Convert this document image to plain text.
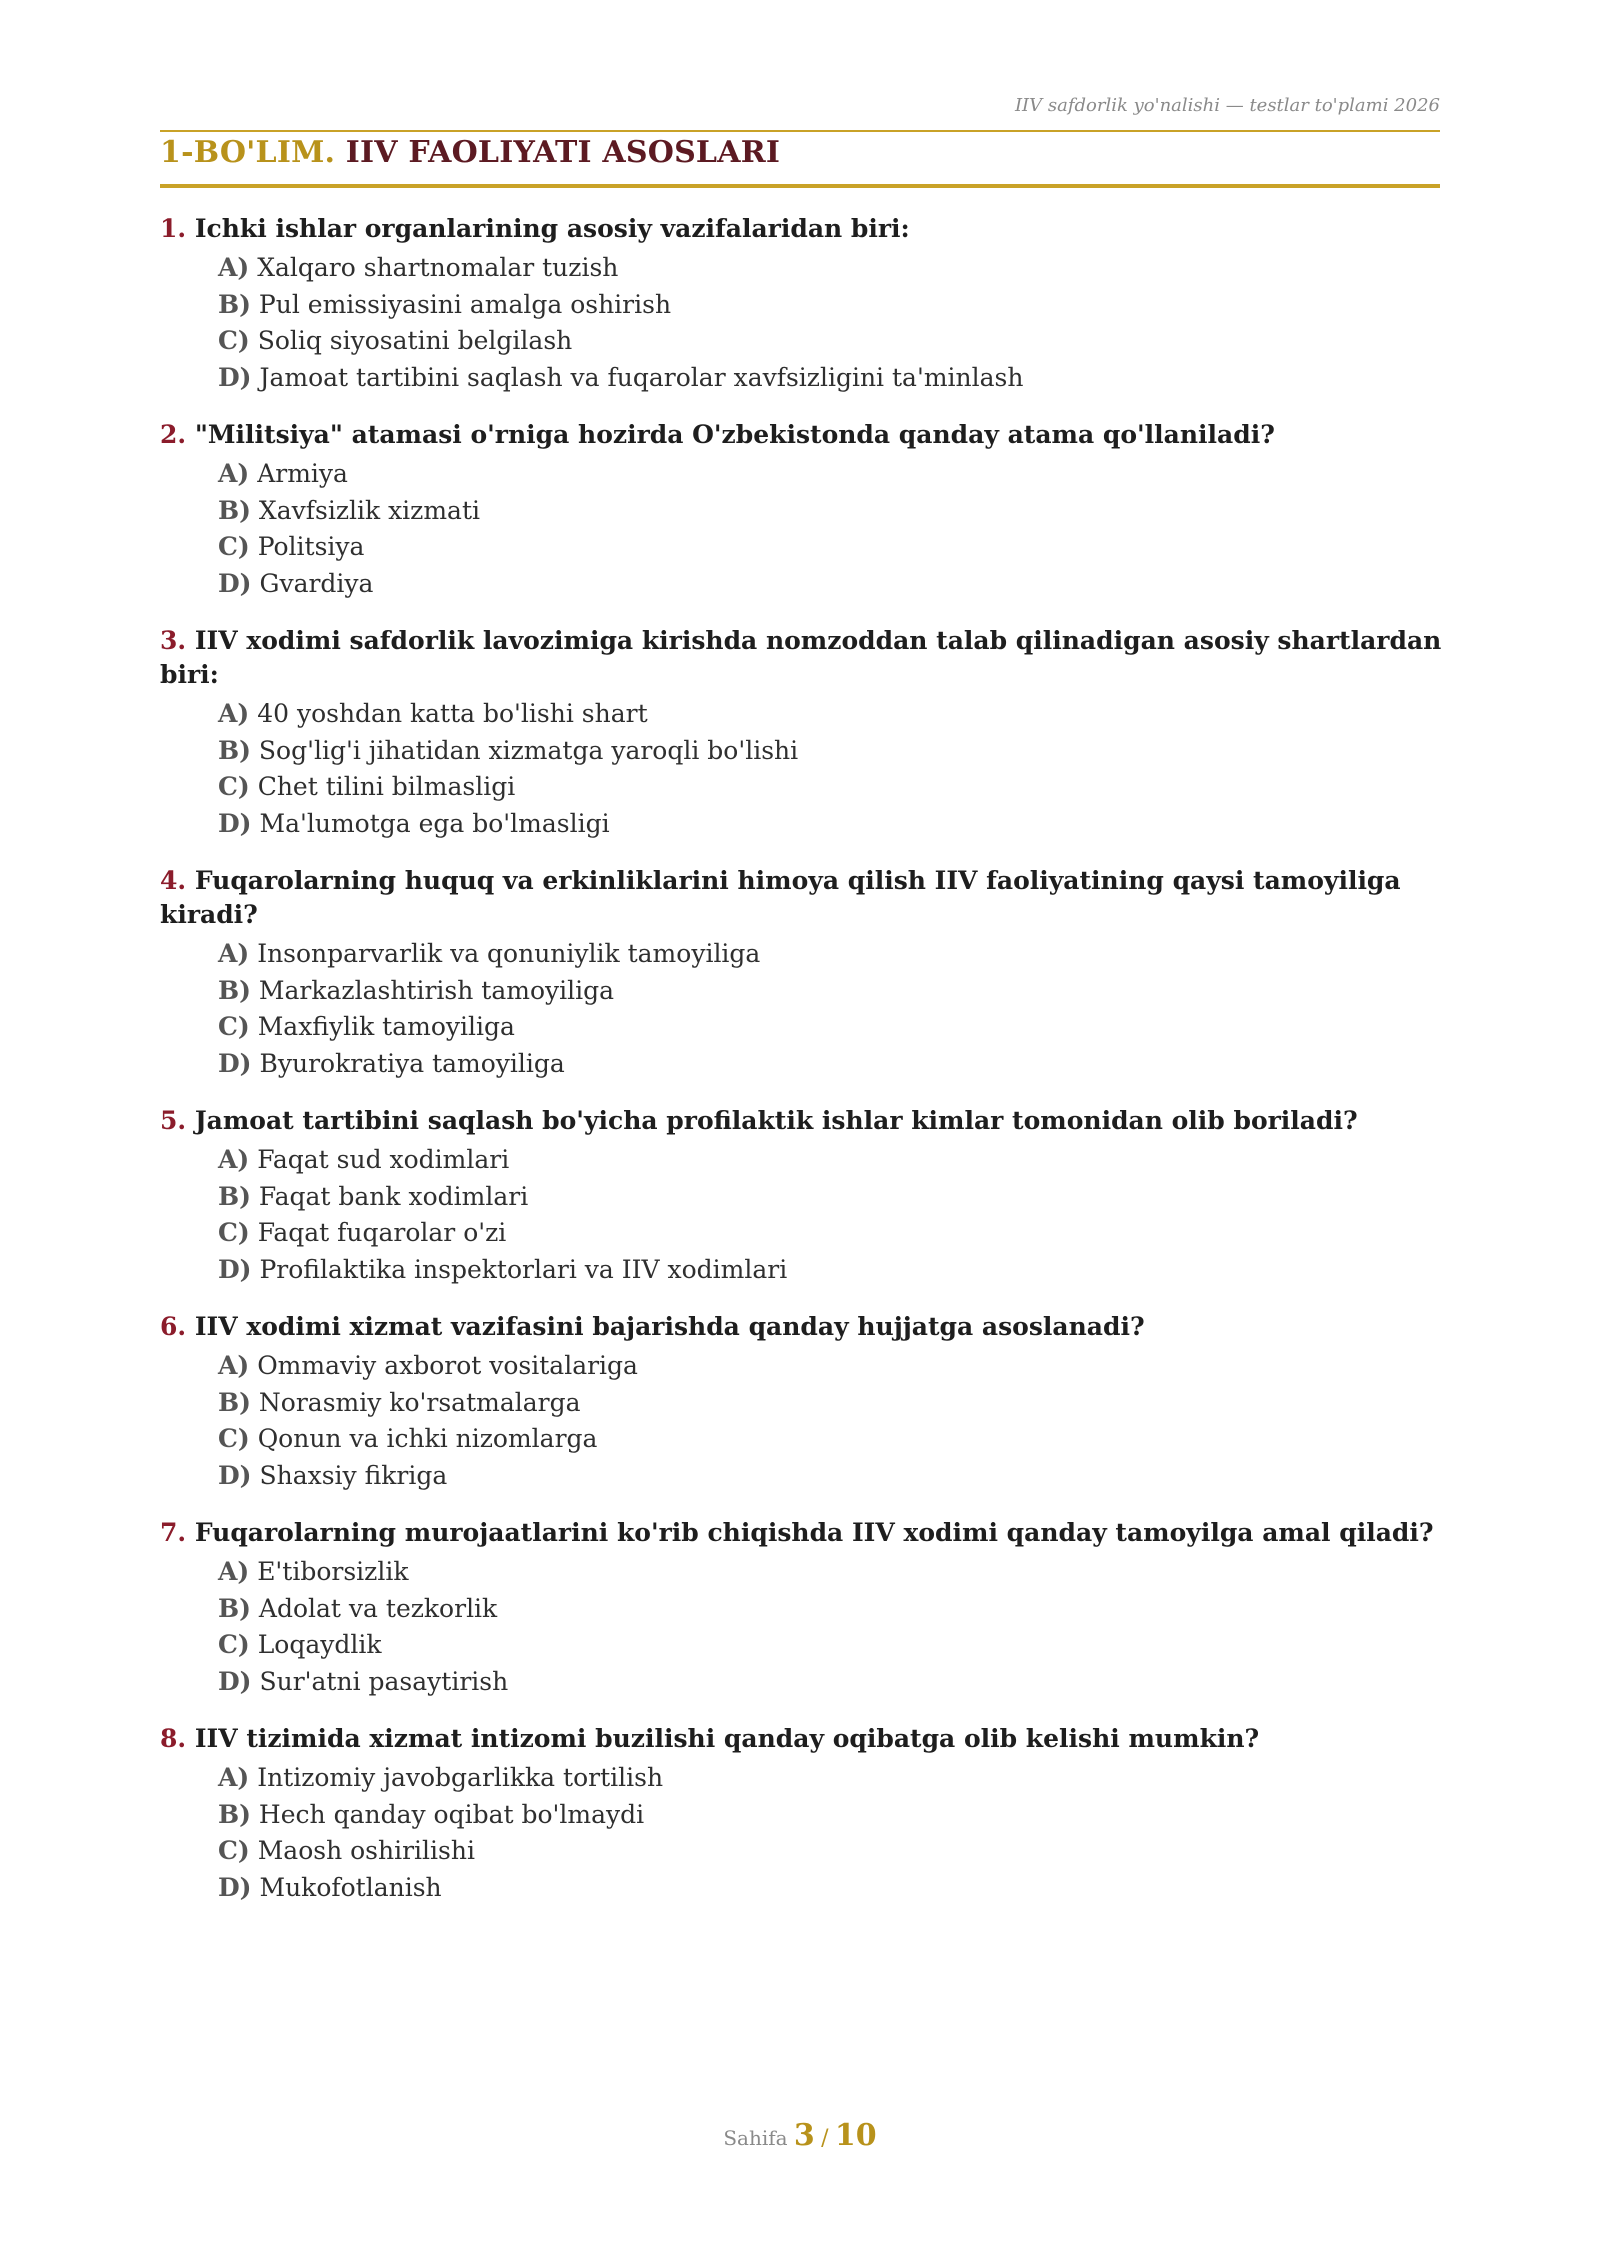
IIV safdorlik yo'nalishi — testlar to'plami 2026
1-BO'LIM. IIV FAOLIYATI ASOSLARI
1. Ichki ishlar organlarining asosiy vazifalaridan biri:
A) Xalqaro shartnomalar tuzish
B) Pul emissiyasini amalga oshirish
C) Soliq siyosatini belgilash
D) Jamoat tartibini saqlash va fuqarolar xavfsizligini ta'minlash
2. "Militsiya" atamasi o'rniga hozirda O'zbekistonda qanday atama qo'llaniladi?
A) Armiya
B) Xavfsizlik xizmati
C) Politsiya
D) Gvardiya
3. IIV xodimi safdorlik lavozimiga kirishda nomzoddan talab qilinadigan asosiy shartlardan biri:
A) 40 yoshdan katta bo'lishi shart
B) Sog'lig'i jihatidan xizmatga yaroqli bo'lishi
C) Chet tilini bilmasligi
D) Ma'lumotga ega bo'lmasligi
4. Fuqarolarning huquq va erkinliklarini himoya qilish IIV faoliyatining qaysi tamoyiliga kiradi?
A) Insonparvarlik va qonuniylik tamoyiliga
B) Markazlashtirish tamoyiliga
C) Maxfiylik tamoyiliga
D) Byurokratiya tamoyiliga
5. Jamoat tartibini saqlash bo'yicha profilaktik ishlar kimlar tomonidan olib boriladi?
A) Faqat sud xodimlari
B) Faqat bank xodimlari
C) Faqat fuqarolar o'zi
D) Profilaktika inspektorlari va IIV xodimlari
6. IIV xodimi xizmat vazifasini bajarishda qanday hujjatga asoslanadi?
A) Ommaviy axborot vositalariga
B) Norasmiy ko'rsatmalarga
C) Qonun va ichki nizomlarga
D) Shaxsiy fikriga
7. Fuqarolarning murojaatlarini ko'rib chiqishda IIV xodimi qanday tamoyilga amal qiladi?
A) E'tiborsizlik
B) Adolat va tezkorlik
C) Loqaydlik
D) Sur'atni pasaytirish
8. IIV tizimida xizmat intizomi buzilishi qanday oqibatga olib kelishi mumkin?
A) Intizomiy javobgarlikka tortilish
B) Hech qanday oqibat bo'lmaydi
C) Maosh oshirilishi
D) Mukofotlanish
Sahifa 3 / 10
